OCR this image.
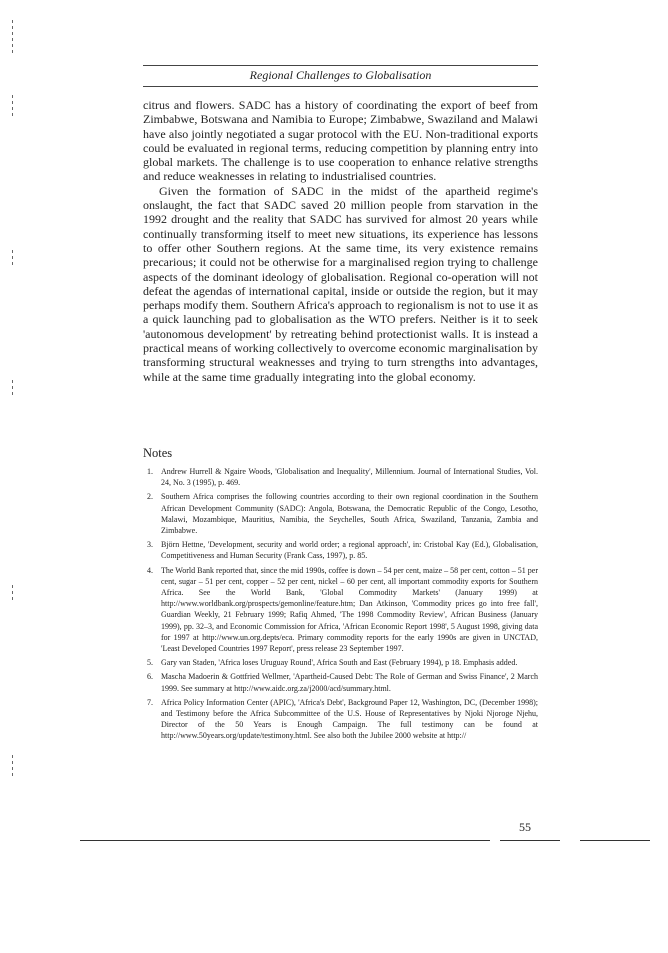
Regional Challenges to Globalisation

citrus and flowers. SADC has a history of coordinating the export of beef from Zimbabwe, Botswana and Namibia to Europe; Zimbabwe, Swaziland and Malawi have also jointly negotiated a sugar protocol with the EU. Non-traditional exports could be evaluated in regional terms, reducing competition by planning entry into global markets. The challenge is to use cooperation to enhance relative strengths and reduce weaknesses in relating to industrialised countries.

Given the formation of SADC in the midst of the apartheid regime's onslaught, the fact that SADC saved 20 million people from starvation in the 1992 drought and the reality that SADC has survived for almost 20 years while continually transforming itself to meet new situations, its experience has lessons to offer other Southern regions. At the same time, its very existence remains precarious; it could not be otherwise for a marginalised region trying to challenge aspects of the dominant ideology of globalisation. Regional co-operation will not defeat the agendas of international capital, inside or outside the region, but it may perhaps modify them. Southern Africa's approach to regionalism is not to use it as a quick launching pad to globalisation as the WTO prefers. Neither is it to seek 'autonomous development' by retreating behind protectionist walls. It is instead a practical means of working collectively to overcome economic marginalisation by transforming structural weaknesses and trying to turn strengths into advantages, while at the same time gradually integrating into the global economy.

Notes
1. Andrew Hurrell & Ngaire Woods, 'Globalisation and Inequality', Millennium. Journal of International Studies, Vol. 24, No. 3 (1995), p. 469.
2. Southern Africa comprises the following countries according to their own regional coordination in the Southern African Development Community (SADC): Angola, Botswana, the Democratic Republic of the Congo, Lesotho, Malawi, Mozambique, Mauritius, Namibia, the Seychelles, South Africa, Swaziland, Tanzania, Zambia and Zimbabwe.
3. Björn Hettne, 'Development, security and world order; a regional approach', in: Cristobal Kay (Ed.), Globalisation, Competitiveness and Human Security (Frank Cass, 1997), p. 85.
4. The World Bank reported that, since the mid 1990s, coffee is down – 54 per cent, maize – 58 per cent, cotton – 51 per cent, sugar – 51 per cent, copper – 52 per cent, nickel – 60 per cent, all important commodity exports for Southern Africa. See the World Bank, 'Global Commodity Markets' (January 1999) at http://www.worldbank.org/prospects/gemonline/feature.htm; Dan Atkinson, 'Commodity prices go into free fall', Guardian Weekly, 21 February 1999; Rafiq Ahmed, 'The 1998 Commodity Review', African Business (January 1999), pp. 32–3, and Economic Commission for Africa, 'African Economic Report 1998', 5 August 1998, giving data for 1997 at http://www.un.org.depts/eca. Primary commodity reports for the early 1990s are given in UNCTAD, 'Least Developed Countries 1997 Report', press release 23 September 1997.
5. Gary van Staden, 'Africa loses Uruguay Round', Africa South and East (February 1994), p 18. Emphasis added.
6. Mascha Madoerin & Gottfried Wellmer, 'Apartheid-Caused Debt: The Role of German and Swiss Finance', 2 March 1999. See summary at http://www.aidc.org.za/j2000/acd/summary.html.
7. Africa Policy Information Center (APIC), 'Africa's Debt', Background Paper 12, Washington, DC, (December 1998); and Testimony before the Africa Subcommittee of the U.S. House of Representatives by Njoki Njoroge Njehu, Director of the 50 Years is Enough Campaign. The full testimony can be found at http://www.50years.org/update/testimony.html. See also both the Jubilee 2000 website at http://
55
